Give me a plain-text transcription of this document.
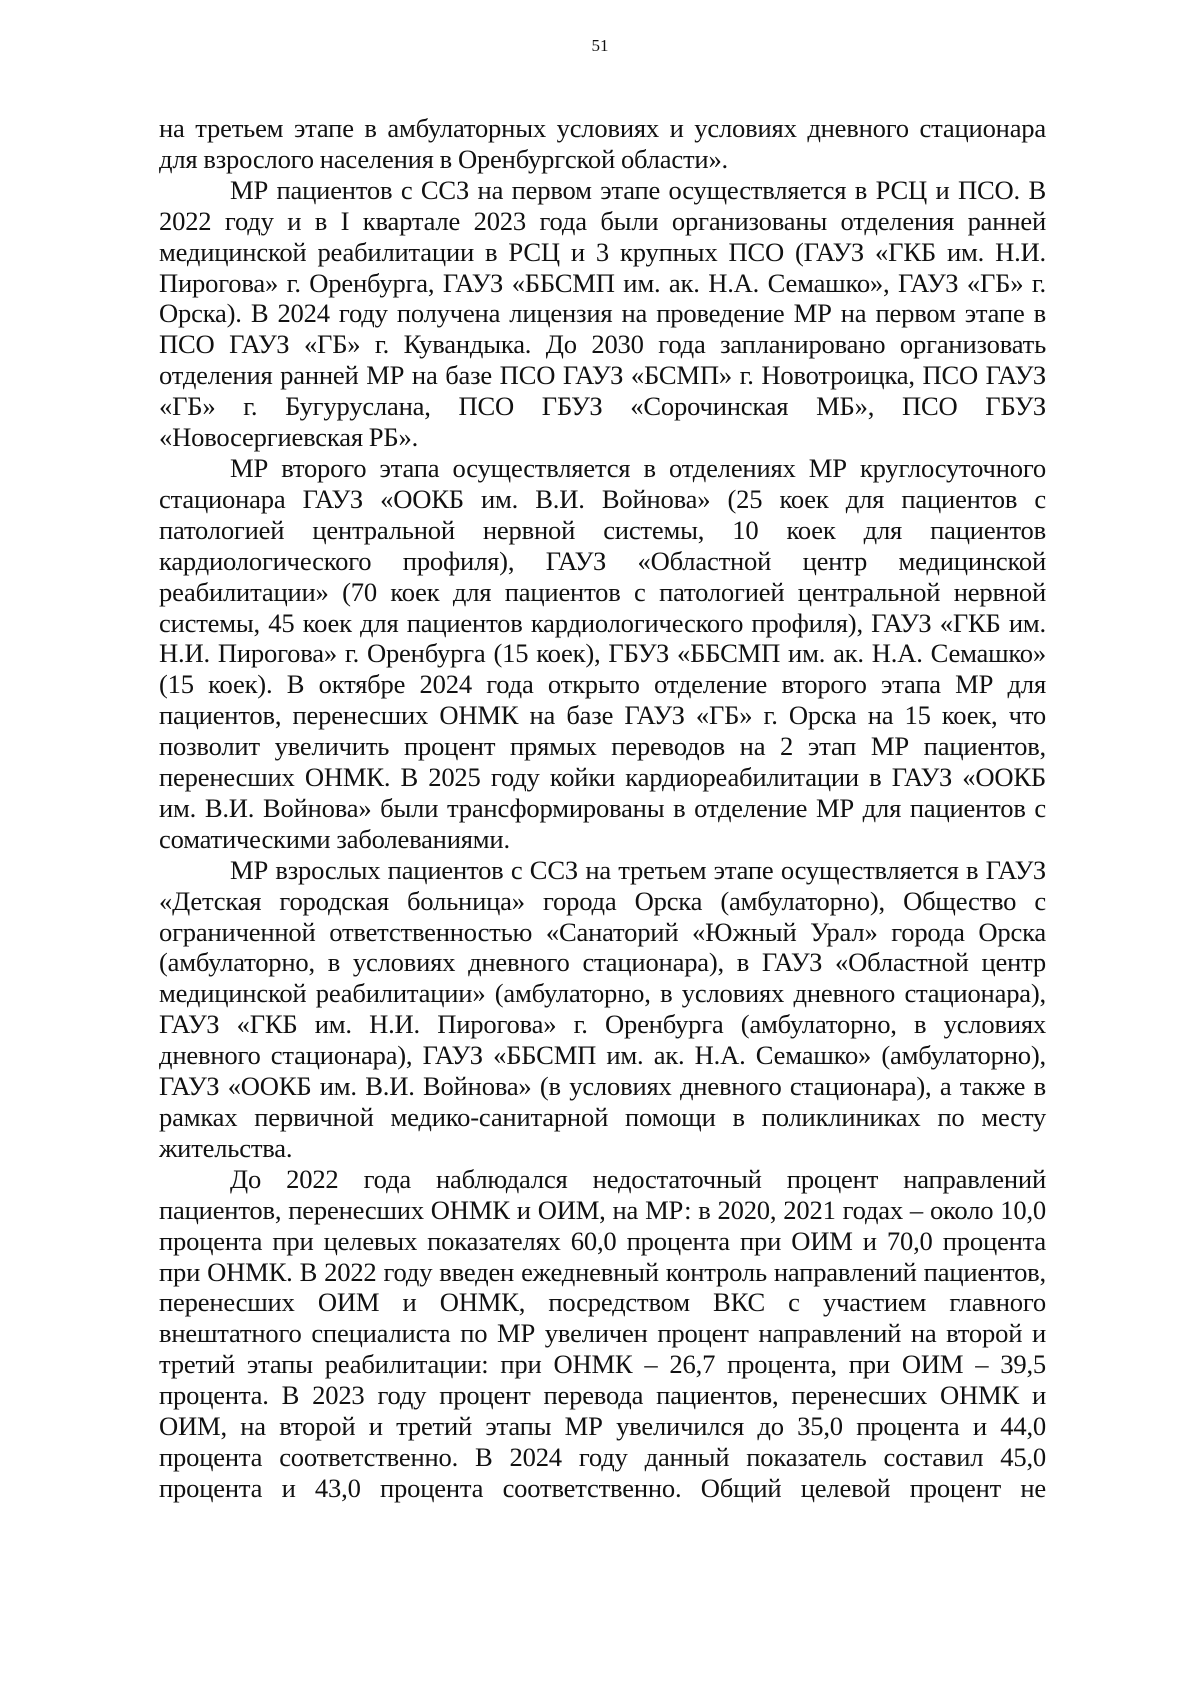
51

на третьем этапе в амбулаторных условиях и условиях дневного стационара для взрослого населения в Оренбургской области».

МР пациентов с ССЗ на первом этапе осуществляется в РСЦ и ПСО. В 2022 году и в I квартале 2023 года были организованы отделения ранней медицинской реабилитации в РСЦ и 3 крупных ПСО (ГАУЗ «ГКБ им. Н.И. Пирогова» г. Оренбурга, ГАУЗ «ББСМП им. ак. Н.А. Семашко», ГАУЗ «ГБ» г. Орска). В 2024 году получена лицензия на проведение МР на первом этапе в ПСО ГАУЗ «ГБ» г. Кувандыка. До 2030 года запланировано организовать отделения ранней МР на базе ПСО ГАУЗ «БСМП» г. Новотроицка, ПСО ГАУЗ «ГБ» г. Бугуруслана, ПСО ГБУЗ «Сорочинская МБ», ПСО ГБУЗ «Новосергиевская РБ».

МР второго этапа осуществляется в отделениях МР круглосуточного стационара ГАУЗ «ООКБ им. В.И. Войнова» (25 коек для пациентов с патологией центральной нервной системы, 10 коек для пациентов кардиологического профиля), ГАУЗ «Областной центр медицинской реабилитации» (70 коек для пациентов с патологией центральной нервной системы, 45 коек для пациентов кардиологического профиля), ГАУЗ «ГКБ им. Н.И. Пирогова» г. Оренбурга (15 коек), ГБУЗ «ББСМП им. ак. Н.А. Семашко» (15 коек). В октябре 2024 года открыто отделение второго этапа МР для пациентов, перенесших ОНМК на базе ГАУЗ «ГБ» г. Орска на 15 коек, что позволит увеличить процент прямых переводов на 2 этап МР пациентов, перенесших ОНМК. В 2025 году койки кардиореабилитации в ГАУЗ «ООКБ им. В.И. Войнова» были трансформированы в отделение МР для пациентов с соматическими заболеваниями.

МР взрослых пациентов с ССЗ на третьем этапе осуществляется в ГАУЗ «Детская городская больница» города Орска (амбулаторно), Общество с ограниченной ответственностью «Санаторий «Южный Урал» города Орска (амбулаторно, в условиях дневного стационара), в ГАУЗ «Областной центр медицинской реабилитации» (амбулаторно, в условиях дневного стационара), ГАУЗ «ГКБ им. Н.И. Пирогова» г. Оренбурга (амбулаторно, в условиях дневного стационара), ГАУЗ «ББСМП им. ак. Н.А. Семашко» (амбулаторно), ГАУЗ «ООКБ им. В.И. Войнова» (в условиях дневного стационара), а также в рамках первичной медико-санитарной помощи в поликлиниках по месту жительства.

До 2022 года наблюдался недостаточный процент направлений пациентов, перенесших ОНМК и ОИМ, на МР: в 2020, 2021 годах – около 10,0 процента при целевых показателях 60,0 процента при ОИМ и 70,0 процента при ОНМК. В 2022 году введен ежедневный контроль направлений пациентов, перенесших ОИМ и ОНМК, посредством ВКС с участием главного внештатного специалиста по МР увеличен процент направлений на второй и третий этапы реабилитации: при ОНМК – 26,7 процента, при ОИМ – 39,5 процента. В 2023 году процент перевода пациентов, перенесших ОНМК и ОИМ, на второй и третий этапы МР увеличился до 35,0 процента и 44,0 процента соответственно. В 2024 году данный показатель составил 45,0 процента и 43,0 процента соответственно. Общий целевой процент не
